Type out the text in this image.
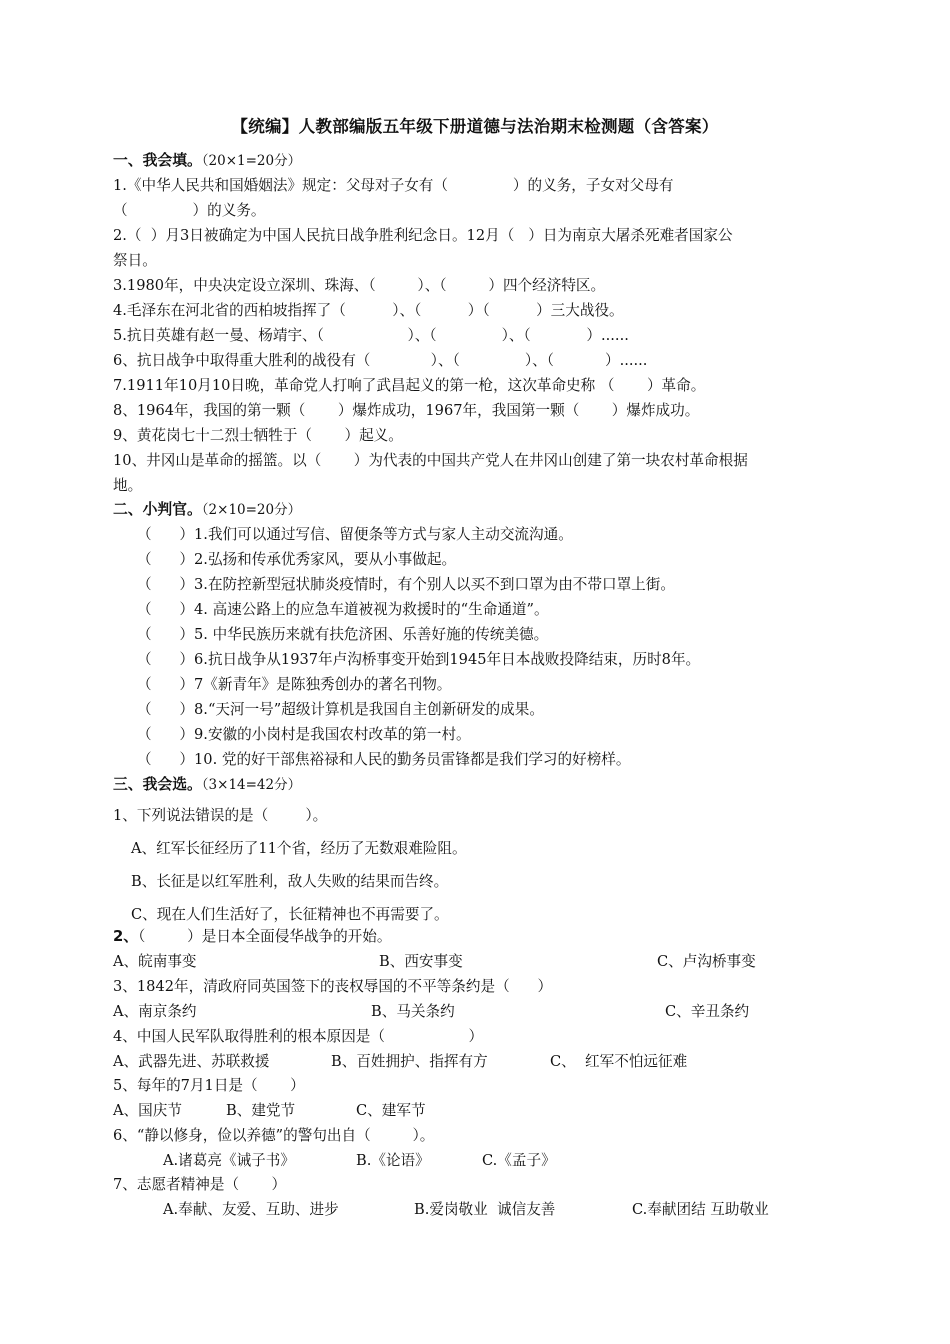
【统编】人教部编版五年级下册道德与法治期末检测题（含答案）
一、我会填。（20×1=20分）
1.《中华人民共和国婚姻法》规定：父母对子女有（              ）的义务，子女对父母有
（              ）的义务。
2.（  ）月3日被确定为中国人民抗日战争胜利纪念日。12月（   ）日为南京大屠杀死难者国家公
祭日。
3.1980年，中央决定设立深圳、珠海、（         ）、（         ）四个经济特区。
4.毛泽东在河北省的西柏坡指挥了（          ）、（          ）（          ）三大战役。
5.抗日英雄有赵一曼、杨靖宇、（                  ）、（              ）、（            ）......
6、抗日战争中取得重大胜利的战役有（             ）、（              ）、（           ）......
7.1911年10月10日晚，革命党人打响了武昌起义的第一枪，这次革命史称 （       ）革命。
8、1964年，我国的第一颗（       ）爆炸成功，1967年，我国第一颗（       ）爆炸成功。
9、黄花岗七十二烈士牺牲于（       ）起义。
10、井冈山是革命的摇篮。以（       ）为代表的中国共产党人在井冈山创建了第一块农村革命根据
地。
二、小判官。（2×10=20分）
（      ）1.我们可以通过写信、留便条等方式与家人主动交流沟通。
（      ）2.弘扬和传承优秀家风，要从小事做起。
（      ）3.在防控新型冠状肺炎疫情时，有个别人以买不到口罩为由不带口罩上街。
（      ）4. 高速公路上的应急车道被视为救援时的“生命通道”。
（      ）5. 中华民族历来就有扶危济困、乐善好施的传统美德。
（      ）6.抗日战争从1937年卢沟桥事变开始到1945年日本战败投降结束，历时8年。
（      ）7《新青年》是陈独秀创办的著名刊物。
（      ）8.“天河一号”超级计算机是我国自主创新研发的成果。
（      ）9.安徽的小岗村是我国农村改革的第一村。
（      ）10. 党的好干部焦裕禄和人民的勤务员雷锋都是我们学习的好榜样。
三、我会选。（3×14=42分）
1、下列说法错误的是（        ）。
A、红军长征经历了11个省，经历了无数艰难险阻。
B、长征是以红军胜利，敌人失败的结果而告终。
C、现在人们生活好了，长征精神也不再需要了。
2、（         ）是日本全面侵华战争的开始。
A、皖南事变	B、西安事变	C、卢沟桥事变
3、1842年，清政府同英国签下的丧权辱国的不平等条约是（      ）
A、南京条约	B、马关条约	C、辛丑条约
4、中国人民军队取得胜利的根本原因是（                  ）
A、武器先进、苏联救援	B、百姓拥护、指挥有方	C、  红军不怕远征难
5、每年的7月1日是（       ）
A、国庆节	B、建党节	C、建军节
6、“静以修身，俭以养德”的警句出自（         ）。
A.诸葛亮《诫子书》	B.《论语》	C.《孟子》
7、志愿者精神是（       ）
A.奉献、友爱、互助、进步	B.爱岗敬业  诚信友善	C.奉献团结 互助敬业
